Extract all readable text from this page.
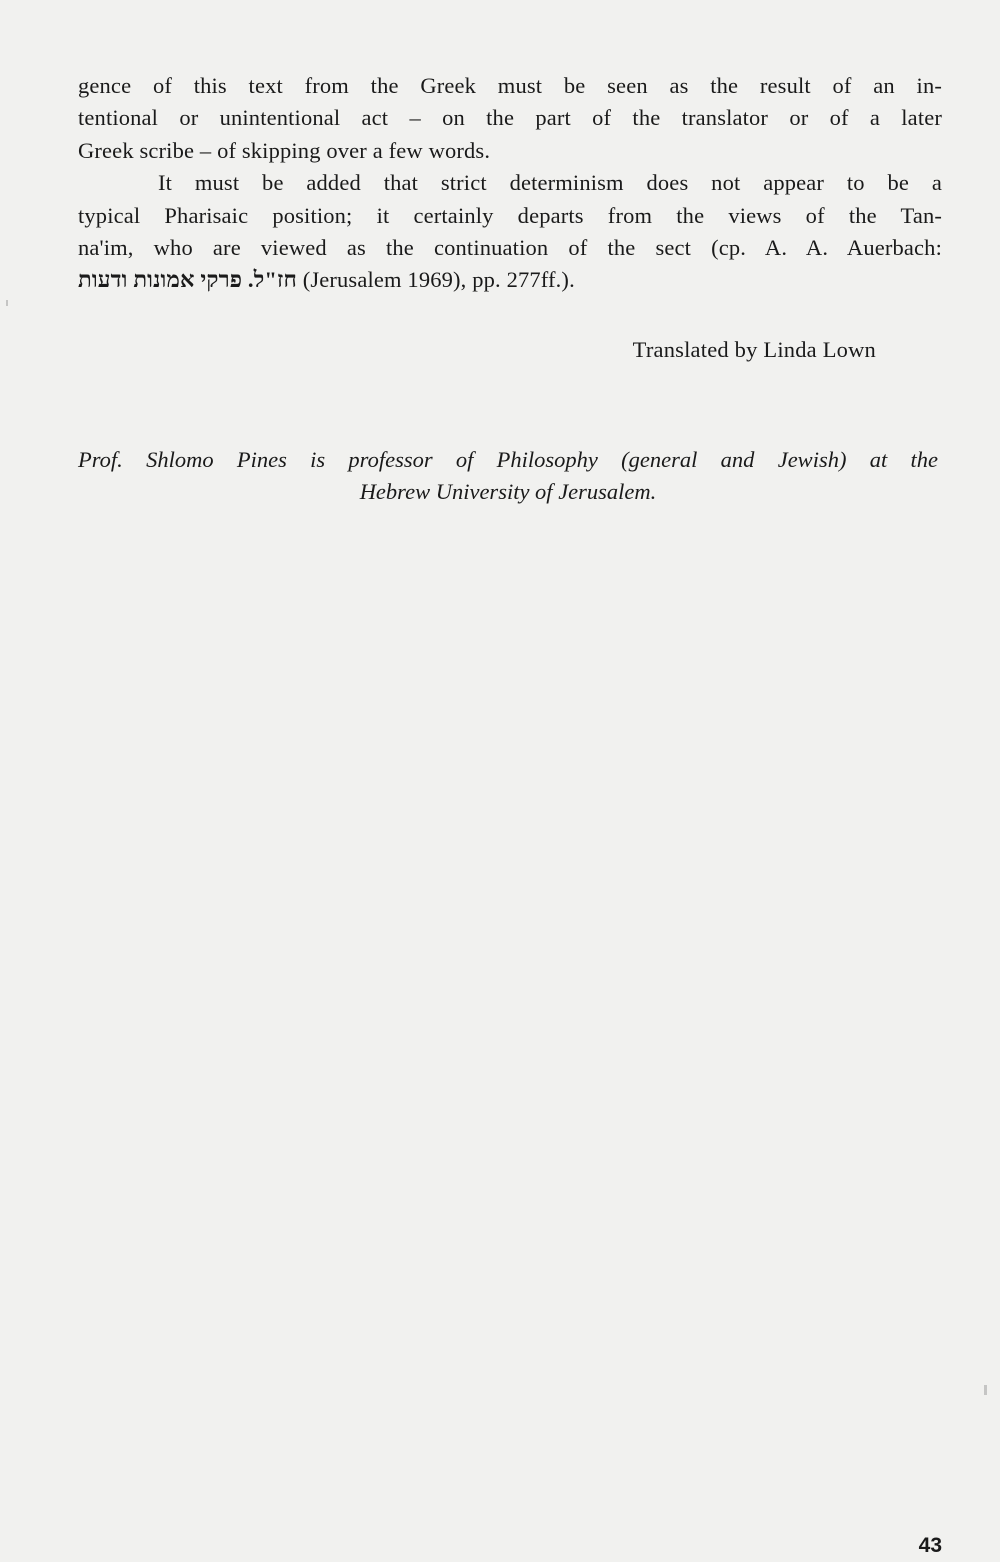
gence of this text from the Greek must be seen as the result of an in-
tentional or unintentional act – on the part of the translator or of a later
Greek scribe – of skipping over a few words.
It must be added that strict determinism does not appear to be a
typical Pharisaic position; it certainly departs from the views of the Tan-
na'im, who are viewed as the continuation of the sect (cp. A. A. Auerbach:
חז"ל. פרקי אמונות ודעות (Jerusalem 1969), pp. 277ff.).
Translated by Linda Lown
Prof. Shlomo Pines is professor of Philosophy (general and Jewish) at the
Hebrew University of Jerusalem.
43
